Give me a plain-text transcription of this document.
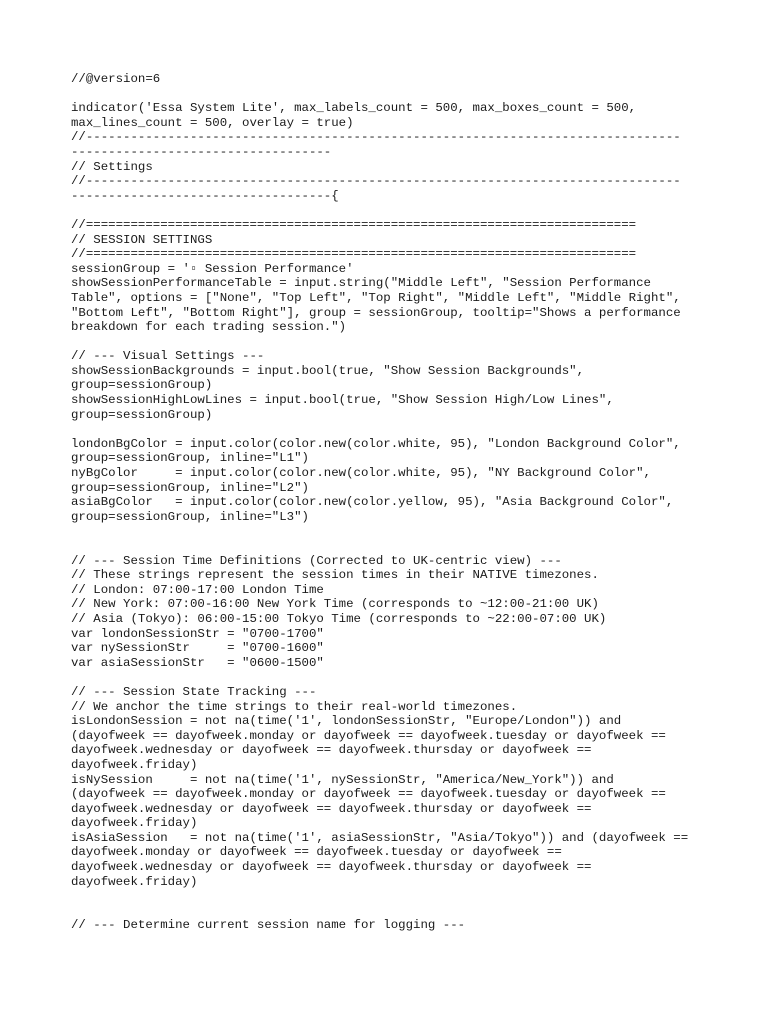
//@version=6
indicator('Essa System Lite', max_labels_count = 500, max_boxes_count = 500,
max_lines_count = 500, overlay = true)
//--------------------------------------------------------------------------------
-----------------------------------
// Settings
//--------------------------------------------------------------------------------
-----------------------------------{
//==========================================================================
// SESSION SETTINGS
//==========================================================================
sessionGroup = '▫ Session Performance'
showSessionPerformanceTable = input.string("Middle Left", "Session Performance
Table", options = ["None", "Top Left", "Top Right", "Middle Left", "Middle Right",
"Bottom Left", "Bottom Right"], group = sessionGroup, tooltip="Shows a performance
breakdown for each trading session.")
// --- Visual Settings ---
showSessionBackgrounds = input.bool(true, "Show Session Backgrounds",
group=sessionGroup)
showSessionHighLowLines = input.bool(true, "Show Session High/Low Lines",
group=sessionGroup)
londonBgColor = input.color(color.new(color.white, 95), "London Background Color",
group=sessionGroup, inline="L1")
nyBgColor     = input.color(color.new(color.white, 95), "NY Background Color",
group=sessionGroup, inline="L2")
asiaBgColor   = input.color(color.new(color.yellow, 95), "Asia Background Color",
group=sessionGroup, inline="L3")
// --- Session Time Definitions (Corrected to UK-centric view) ---
// These strings represent the session times in their NATIVE timezones.
// London: 07:00-17:00 London Time
// New York: 07:00-16:00 New York Time (corresponds to ~12:00-21:00 UK)
// Asia (Tokyo): 06:00-15:00 Tokyo Time (corresponds to ~22:00-07:00 UK)
var londonSessionStr = "0700-1700"
var nySessionStr     = "0700-1600"
var asiaSessionStr   = "0600-1500"
// --- Session State Tracking ---
// We anchor the time strings to their real-world timezones.
isLondonSession = not na(time('1', londonSessionStr, "Europe/London")) and
(dayofweek == dayofweek.monday or dayofweek == dayofweek.tuesday or dayofweek ==
dayofweek.wednesday or dayofweek == dayofweek.thursday or dayofweek ==
dayofweek.friday)
isNySession     = not na(time('1', nySessionStr, "America/New_York")) and
(dayofweek == dayofweek.monday or dayofweek == dayofweek.tuesday or dayofweek ==
dayofweek.wednesday or dayofweek == dayofweek.thursday or dayofweek ==
dayofweek.friday)
isAsiaSession   = not na(time('1', asiaSessionStr, "Asia/Tokyo")) and (dayofweek ==
dayofweek.monday or dayofweek == dayofweek.tuesday or dayofweek ==
dayofweek.wednesday or dayofweek == dayofweek.thursday or dayofweek ==
dayofweek.friday)
// --- Determine current session name for logging ---
